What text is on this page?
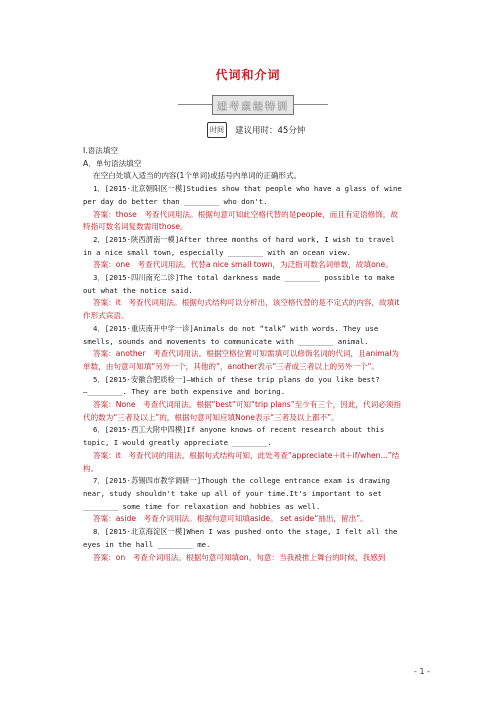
代词和介词
适考素能特训
时间	建议用时：45分钟

Ⅰ.语法填空

A．单句语法填空

在空白处填入适当的内容(1个单词)或括号内单词的正确形式。

1．[2015·北京朝阳区一模]Studies show that people who have a glass of wine per day do better than ________ who don't.

答案：those　考查代词用法。根据句意可知此空格代替的是people，而且有定语修饰，故特指可数名词复数需用those。

2．[2015·陕西渭南一模]After three months of hard work, I wish to travel in a nice small town, especially ________ with an ocean view.

答案：one　考查代词用法。代替a nice small town，为泛指可数名词单数，故填one。

3．[2015·四川南充二诊]The total darkness made ________ possible to make out what the notice said.

答案：it　考查代词用法。根据句式结构可以分析出，该空格代替的是不定式的内容，故填it作形式宾语。

4．[2015·重庆南开中学一诊]Animals do not “talk” with words. They use smells, sounds and movements to communicate with ________ animal.

答案：another　考查代词用法。根据空格位置可知需填可以修饰名词的代词，且animal为单数，由句意可知填“另外一个，其他的”，another表示“三者或三者以上的另外一个”。

5．[2015·安徽合肥质检一]—Which of these trip plans do you like best?
—________. They are both expensive and boring.

答案：None　考查代词用法。根据“best”可知“trip plans”至少有三个，因此，代词必须指代的数为“三者及以上”的，根据句意可知应填None表示“三者及以上都不”。

6．[2015·西工大附中四模]If anyone knows of recent research about this topic, I would greatly appreciate ________.

答案：it　考查代词的用法。根据句式结构可知，此处考查“appreciate＋it＋if/when...”结构。

7．[2015·苏锡四市教学调研一]Though the college entrance exam is drawing near, study shouldn't take up all of your time.It's important to set ________ some time for relaxation and hobbies as well.

答案：aside　考查介词用法。根据句意可知填aside。 set aside“抽出，留出”。

8．[2015·北京海淀区一模]When I was pushed onto the stage, I felt all the eyes in the hall ________ me.

答案：on　考查介词用法。根据句意可知填on。句意：当我被推上舞台的时候，我感到

- 1 -
